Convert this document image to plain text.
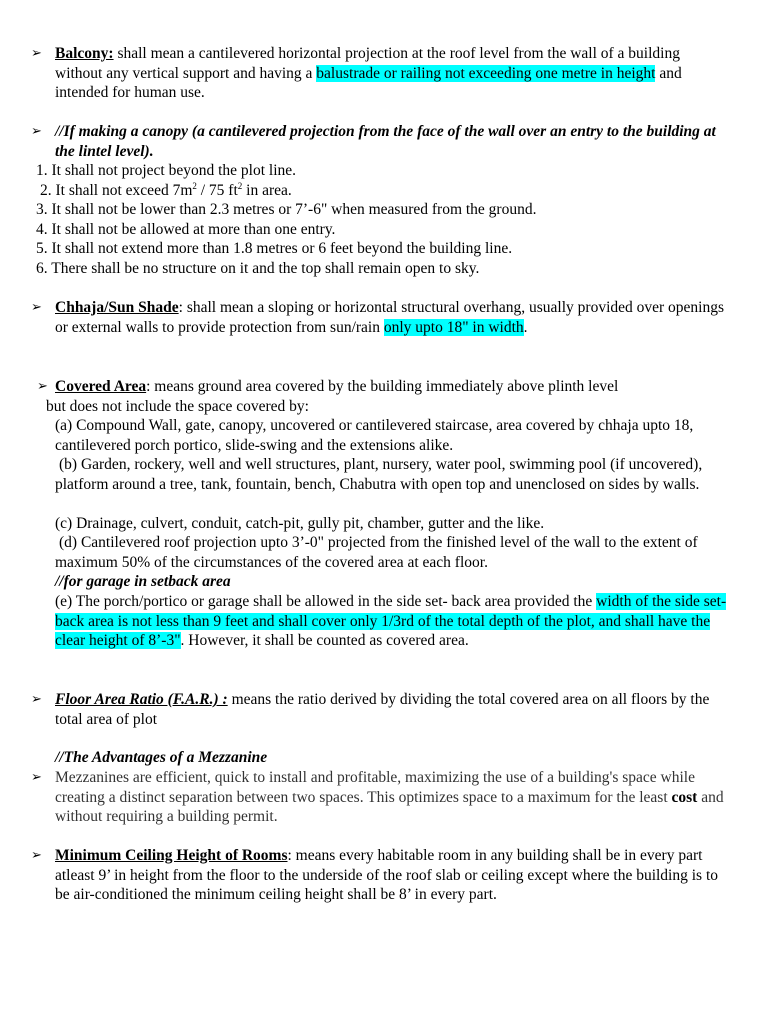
➢ Balcony: shall mean a cantilevered horizontal projection at the roof level from the wall of a building without any vertical support and having a balustrade or railing not exceeding one metre in height and intended for human use.
➢ //If making a canopy (a cantilevered projection from the face of the wall over an entry to the building at the lintel level).
1. It shall not project beyond the plot line.
2. It shall not exceed $7m^2 / 75$ $ft^2$ in area.
3. It shall not be lower than 2.3 metres or 7’-6" when measured from the ground.
4. It shall not be allowed at more than one entry.
5. It shall not extend more than 1.8 metres or 6 feet beyond the building line.
6. There shall be no structure on it and the top shall remain open to sky.
➢ Chhaja/Sun Shade: shall mean a sloping or horizontal structural overhang, usually provided over openings or external walls to provide protection from sun/rain only upto 18" in width.
➢ Covered Area: means ground area covered by the building immediately above plinth level
but does not include the space covered by:
(a) Compound Wall, gate, canopy, uncovered or cantilevered staircase, area covered by chhaja upto 18, cantilevered porch portico, slide-swing and the extensions alike.
(b) Garden, rockery, well and well structures, plant, nursery, water pool, swimming pool (if uncovered), platform around a tree, tank, fountain, bench, Chabutra with open top and unenclosed on sides by walls.
(c) Drainage, culvert, conduit, catch-pit, gully pit, chamber, gutter and the like.
(d) Cantilevered roof projection upto 3’-0" projected from the finished level of the wall to the extent of maximum 50% of the circumstances of the covered area at each floor.
//for garage in setback area
(e) The porch/portico or garage shall be allowed in the side set- back area provided the width of the side set-back area is not less than 9 feet and shall cover only 1/3rd of the total depth of the plot, and shall have the clear height of 8’-3". However, it shall be counted as covered area.
➢ Floor Area Ratio (F.A.R.) : means the ratio derived by dividing the total covered area on all floors by the total area of plot
//The Advantages of a Mezzanine
➢ Mezzanines are efficient, quick to install and profitable, maximizing the use of a building's space while creating a distinct separation between two spaces. This optimizes space to a maximum for the least cost and without requiring a building permit.
➢ Minimum Ceiling Height of Rooms: means every habitable room in any building shall be in every part atleast 9’ in height from the floor to the underside of the roof slab or ceiling except where the building is to be air-conditioned the minimum ceiling height shall be 8’ in every part.
